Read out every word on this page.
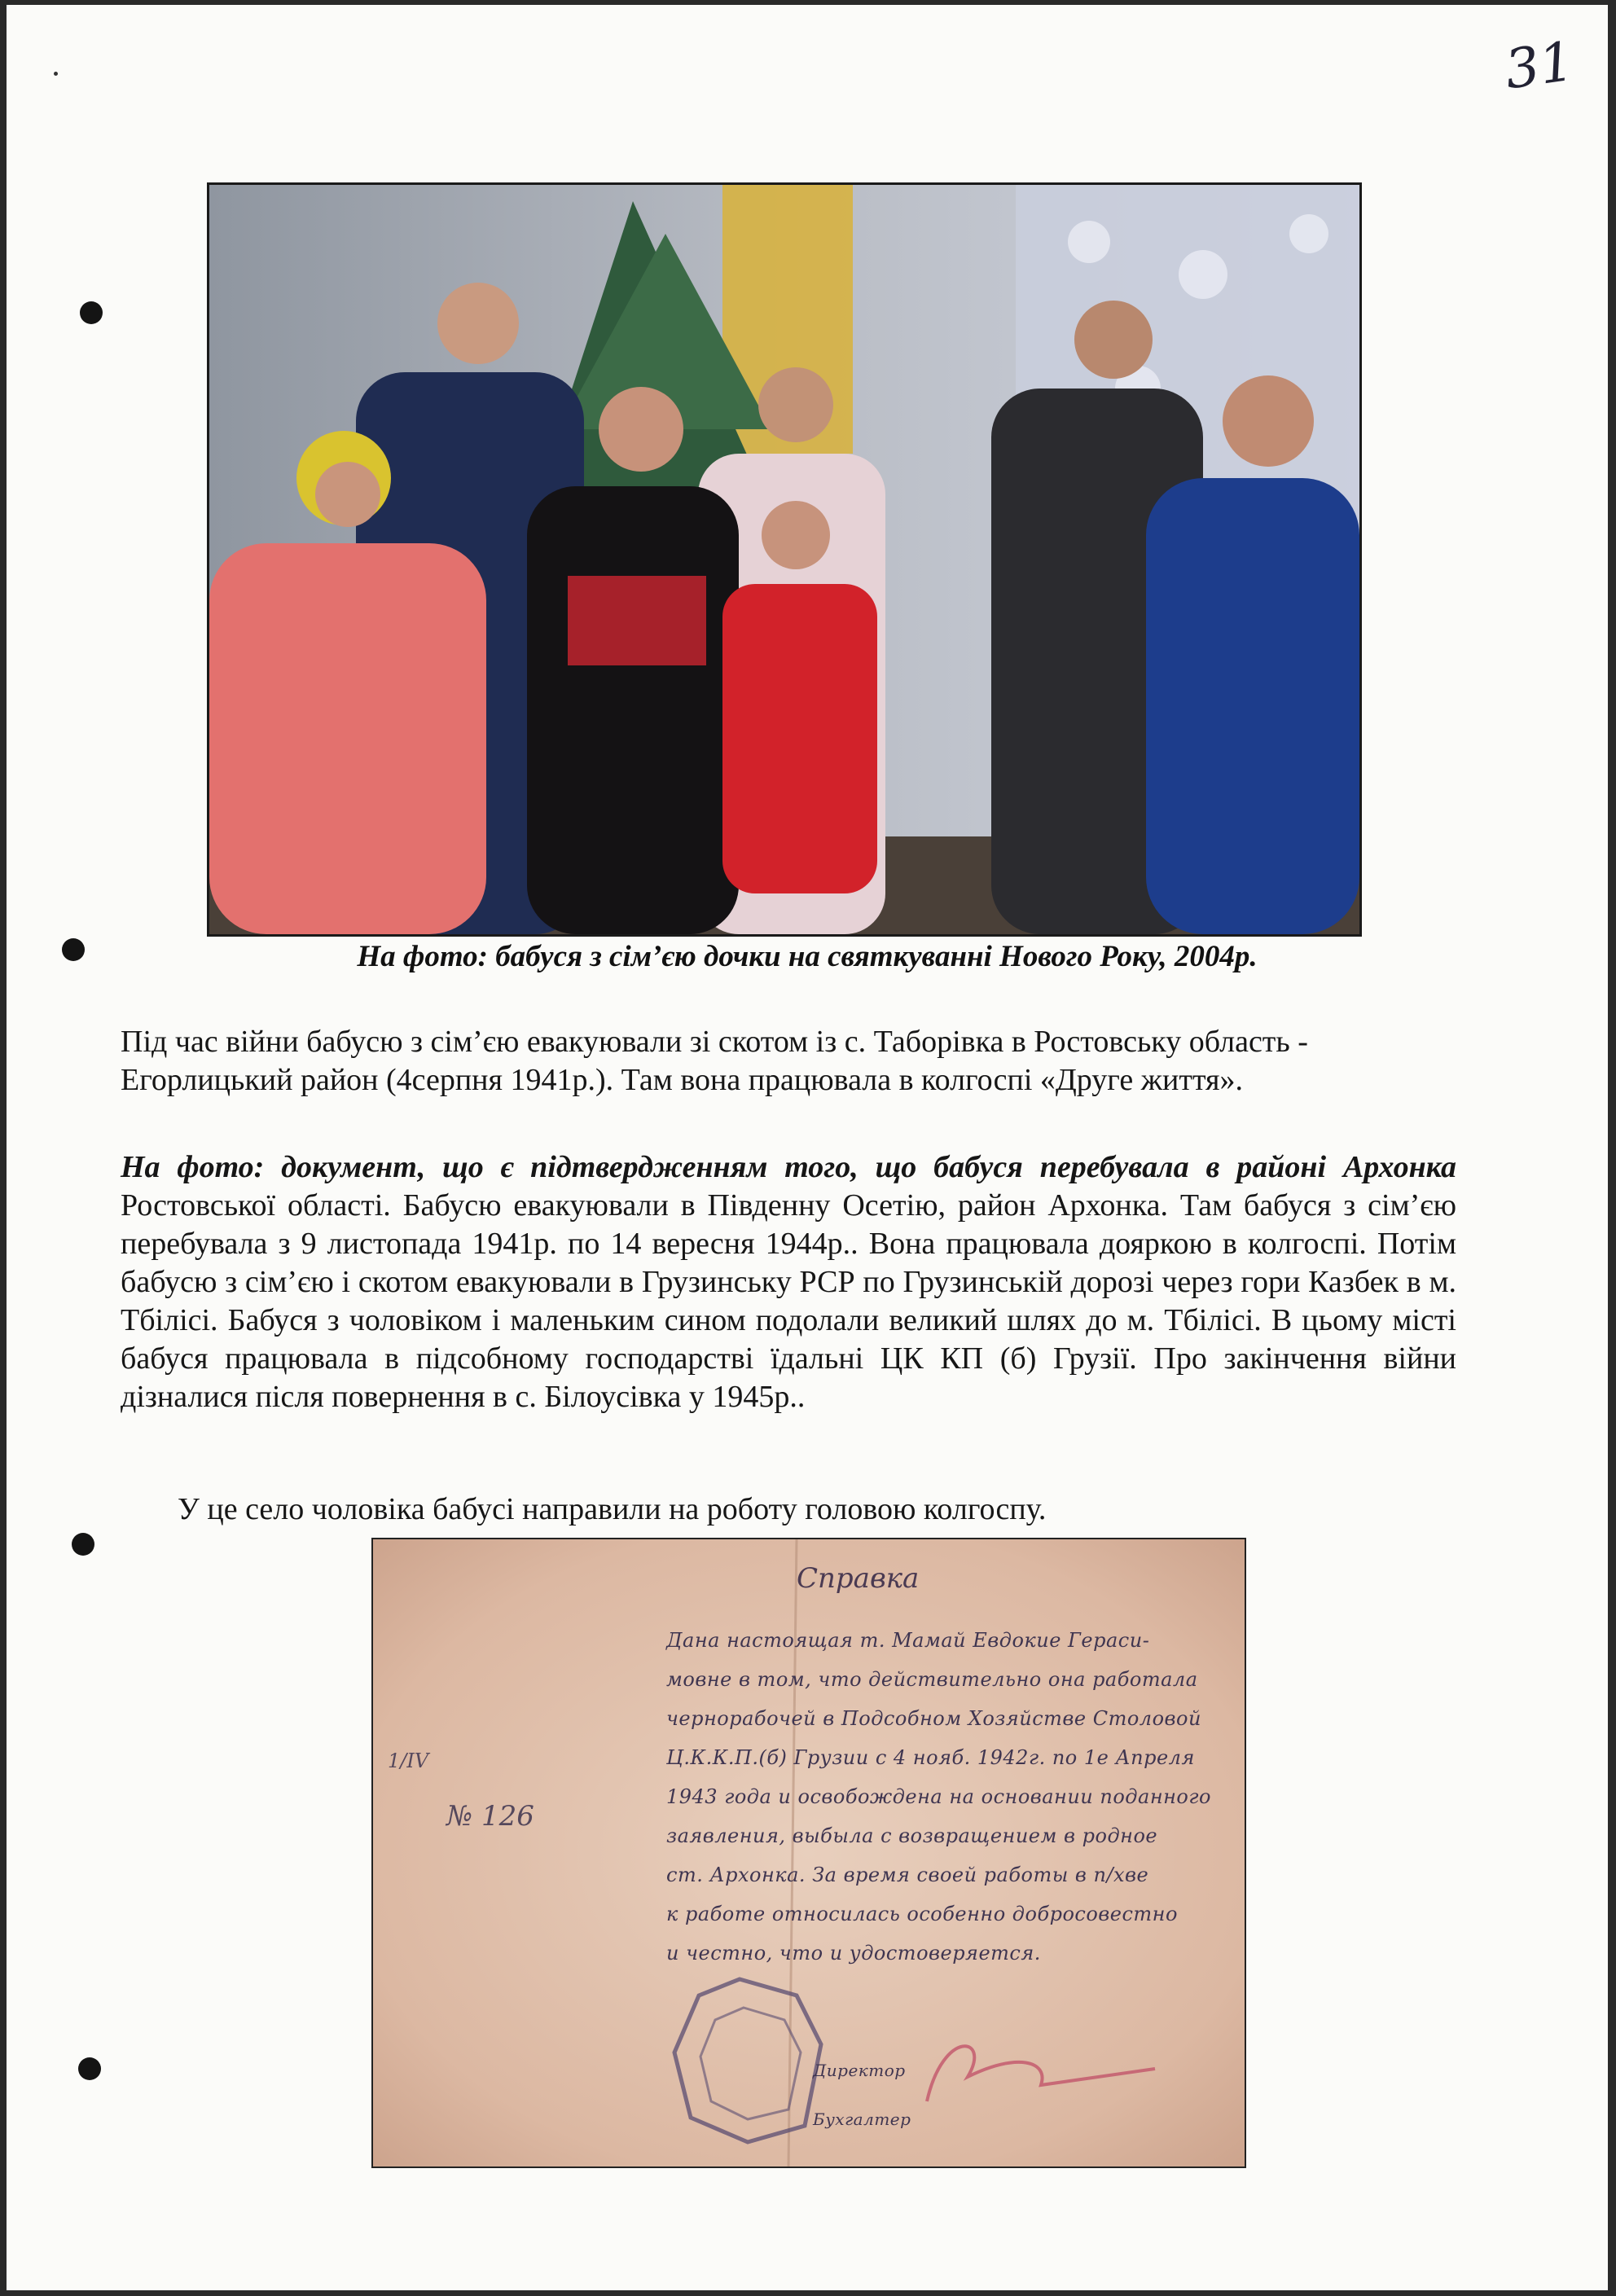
31
На фото: бабуся з сім’єю дочки на святкуванні Нового Року, 2004р.

Під час війни бабусю з сім’єю евакуювали зі скотом із с. Таборівка в Ростовську область - Егорлицький район (4серпня 1941р.). Там вона працювала в колгоспі «Друге життя».

На фото: документ, що є підтвердженням того, що бабуся перебувала в районі Архонка Ростовської області. Бабусю евакуювали в Південну Осетію, район Архонка. Там бабуся з сім’єю перебувала з 9 листопада 1941р. по 14 вересня 1944р.. Вона працювала дояркою в колгоспі. Потім бабусю з сім’єю і скотом евакуювали в Грузинську РСР по Грузинській дорозі через гори Казбек в м. Тбілісі. Бабуся з чоловіком і маленьким сином подолали великий шлях до м. Тбілісі. В цьому місті бабуся працювала в підсобному господарстві їдальні ЦК КП (б) Грузії. Про закінчення війни дізналися після повернення в с. Білоусівка у 1945р..

У це село чоловіка бабусі направили на роботу головою колгоспу.

Справка
Дана настоящая т. Мамай Евдокие Гераси-
мовне в том, что действительно она работала
чернорабочей в Подсобном Хозяйстве Столовой
Ц.К.К.П.(б) Грузии с 4 нояб. 1942г. по 1е Апреля
1943 года и освобождена на основании поданного
заявления, выбыла с возвращением в родное
ст. Архонка. За время своей работы в п/хве
к работе относилась особенно добросовестно
и честно, что и удостоверяется.
1/IV
№ 126
Директор
Бухгалтер
